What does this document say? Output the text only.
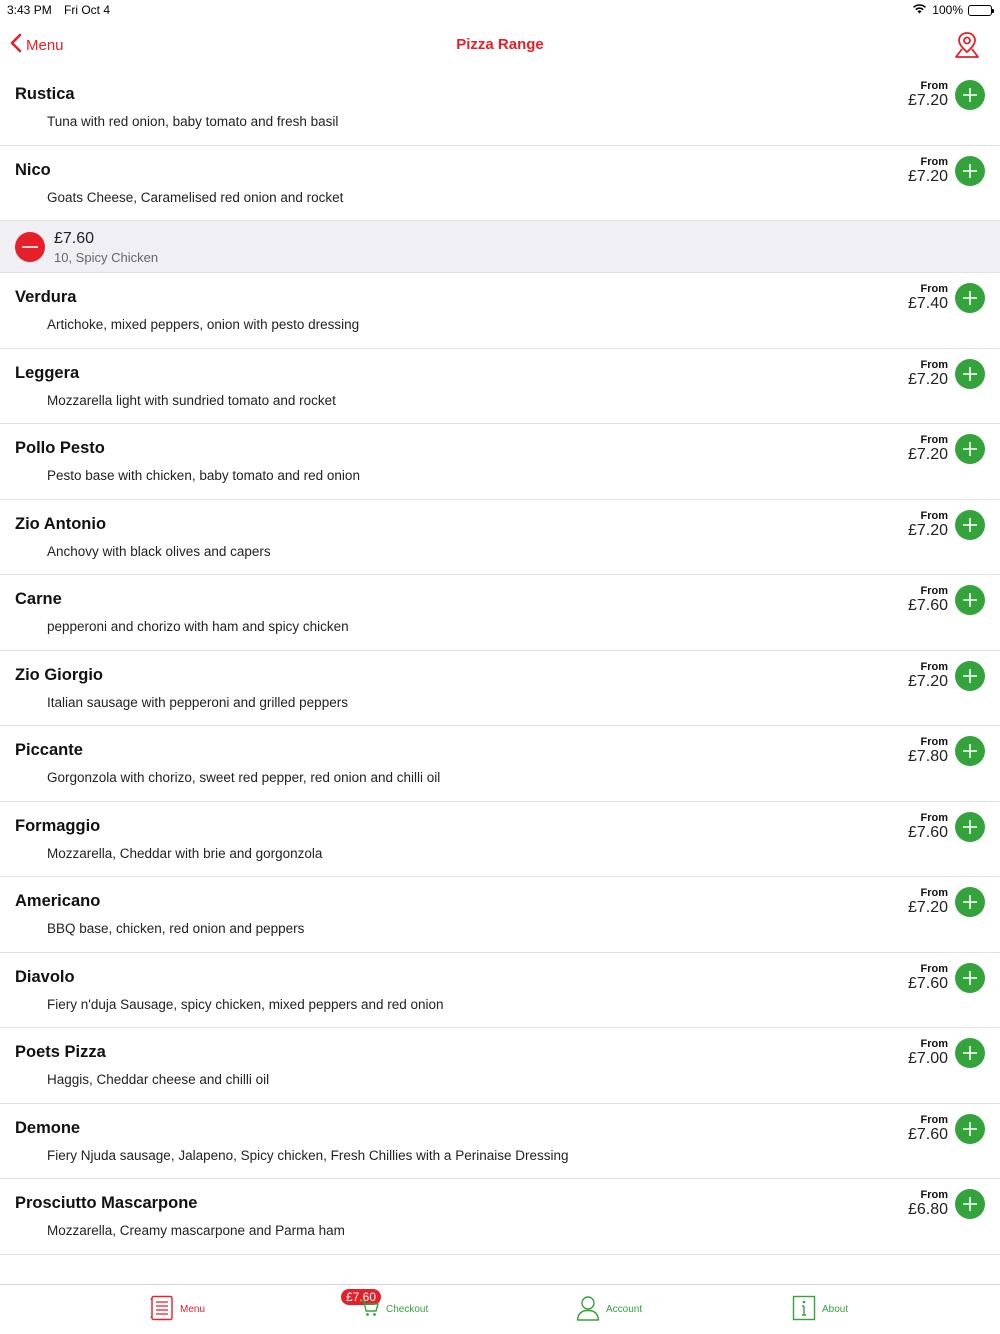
3:43 PM Fri Oct 4	100%
Menu	Pizza Range
Rustica
Tuna with red onion, baby tomato and fresh basil
From
£7.20
Nico
Goats Cheese, Caramelised red onion and rocket
From
£7.20
£7.60
10, Spicy Chicken
Verdura
Artichoke, mixed peppers, onion with pesto dressing
From
£7.40
Leggera
Mozzarella light with sundried tomato and rocket
From
£7.20
Pollo Pesto
Pesto base with chicken, baby tomato and red onion
From
£7.20
Zio Antonio
Anchovy with black olives and capers
From
£7.20
Carne
pepperoni and chorizo with ham and spicy chicken
From
£7.60
Zio Giorgio
Italian sausage with pepperoni and grilled peppers
From
£7.20
Piccante
Gorgonzola with chorizo, sweet red pepper, red onion and chilli oil
From
£7.80
Formaggio
Mozzarella, Cheddar with brie and gorgonzola
From
£7.60
Americano
BBQ base, chicken, red onion and peppers
From
£7.20
Diavolo
Fiery n'duja Sausage, spicy chicken, mixed peppers and red onion
From
£7.60
Poets Pizza
Haggis, Cheddar cheese and chilli oil
From
£7.00
Demone
Fiery Njuda sausage, Jalapeno, Spicy chicken, Fresh Chillies with a Perinaise Dressing
From
£7.60
Prosciutto Mascarpone
Mozzarella, Creamy mascarpone and Parma ham
From
£6.80
Menu
£7.60
Checkout	Account	About
